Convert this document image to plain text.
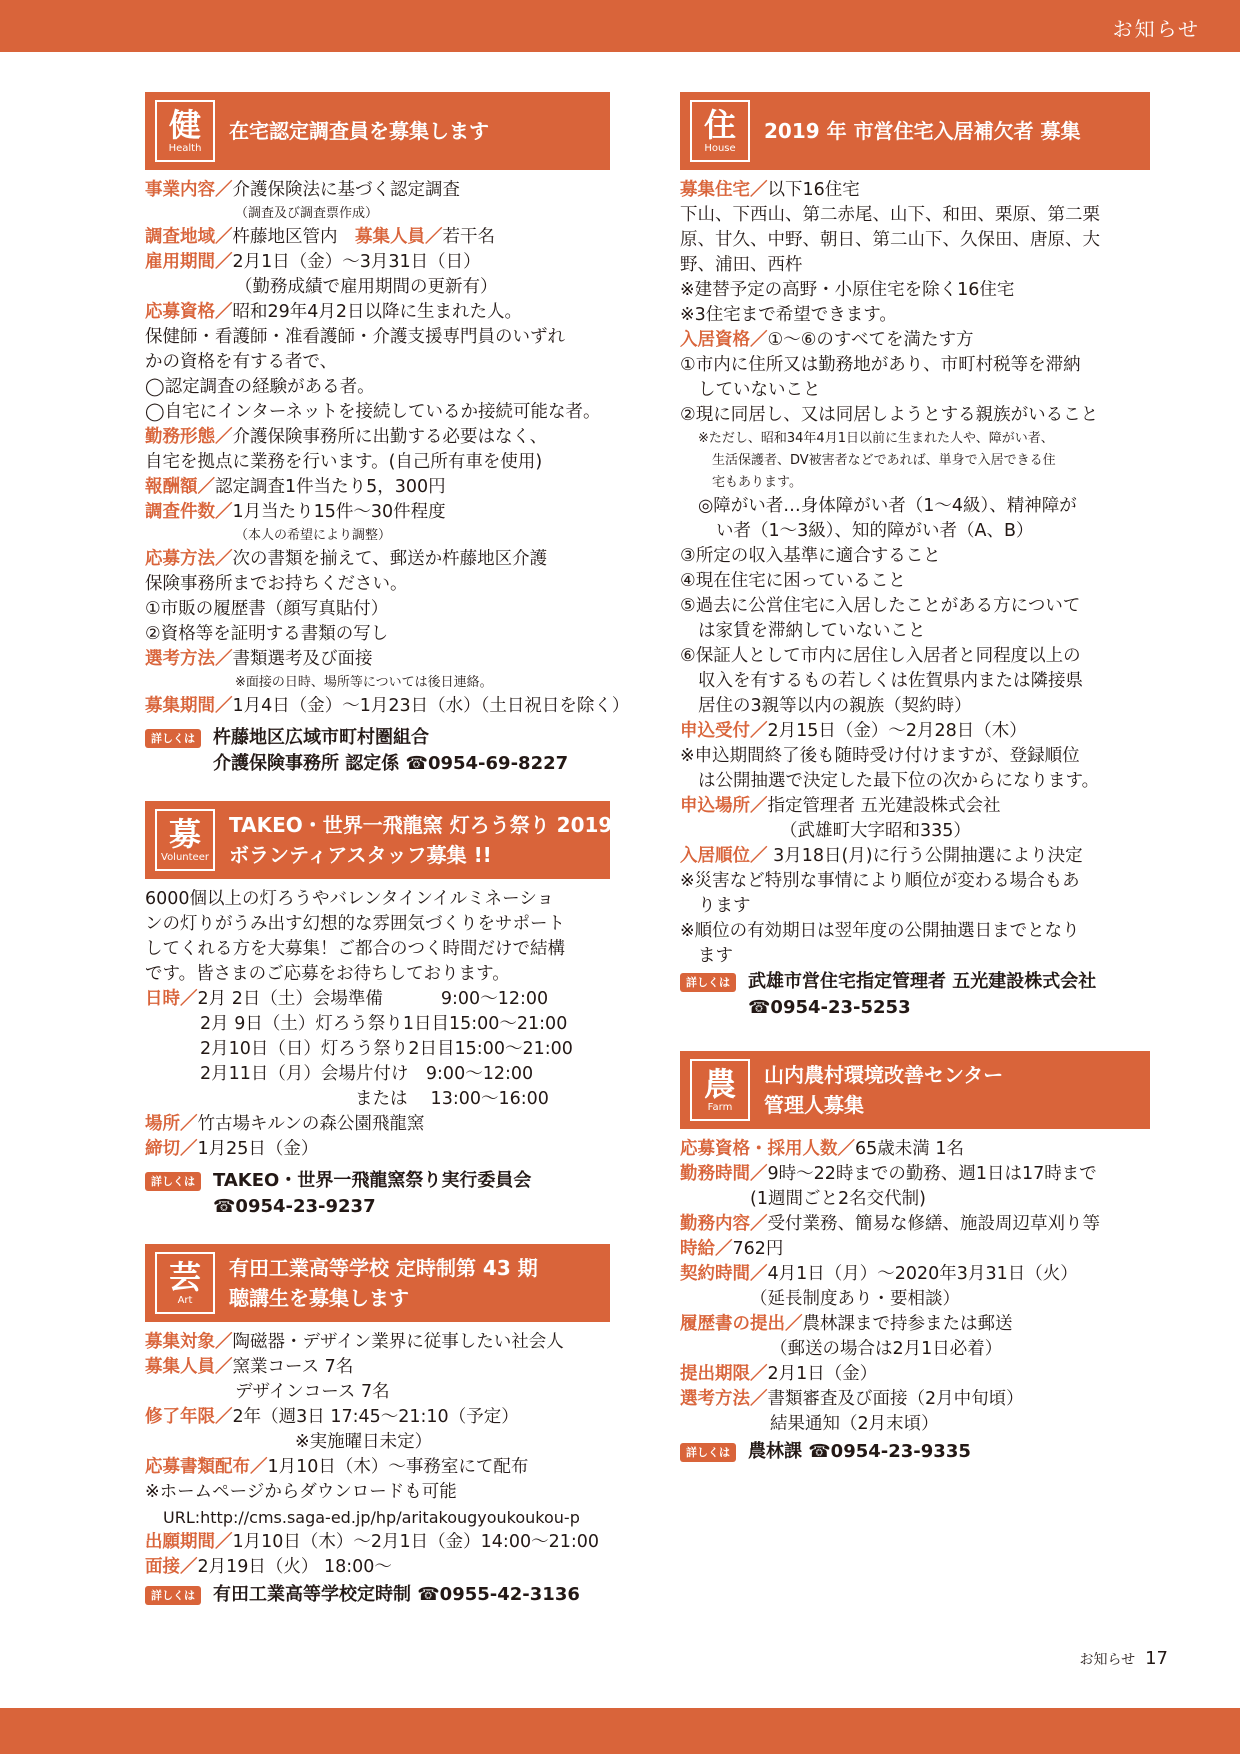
お知らせ
健
Health
在宅認定調査員を募集します
事業内容／介護保険法に基づく認定調査
（調査及び調査票作成）
調査地域／杵藤地区管内　募集人員／若干名
雇用期間／2月1日（金）～3月31日（日）
（勤務成績で雇用期間の更新有）
応募資格／昭和29年4月2日以降に生まれた人。
保健師・看護師・准看護師・介護支援専門員のいずれ
かの資格を有する者で、
◯認定調査の経験がある者。
◯自宅にインターネットを接続しているか接続可能な者。
勤務形態／介護保険事務所に出勤する必要はなく、
自宅を拠点に業務を行います。(自己所有車を使用)
報酬額／認定調査1件当たり5，300円
調査件数／1月当たり15件～30件程度
（本人の希望により調整）
応募方法／次の書類を揃えて、郵送か杵藤地区介護
保険事務所までお持ちください。
①市販の履歴書（顔写真貼付）
②資格等を証明する書類の写し
選考方法／書類選考及び面接
※面接の日時、場所等については後日連絡。
募集期間／1月4日（金）～1月23日（水）（土日祝日を除く）
詳しくは	杵藤地区広域市町村圏組合
介護保険事務所 認定係 ☎0954-69-8227
募
Volunteer
TAKEO・世界一飛龍窯 灯ろう祭り 2019
ボランティアスタッフ募集 !!
6000個以上の灯ろうやバレンタインイルミネーショ
ンの灯りがうみ出す幻想的な雰囲気づくりをサポート
してくれる方を大募集！ご都合のつく時間だけで結構
です。皆さまのご応募をお待ちしております。
日時／2月 2日（土）会場準備　　　 9:00～12:00
2月 9日（土）灯ろう祭り1日目15:00～21:00
2月10日（日）灯ろう祭り2日目15:00～21:00
2月11日（月）会場片付け　9:00～12:00
または　 13:00～16:00
場所／竹古場キルンの森公園飛龍窯
締切／1月25日（金）
詳しくは	TAKEO・世界一飛龍窯祭り実行委員会
☎0954-23-9237
芸
Art
有田工業高等学校 定時制第 43 期
聴講生を募集します
募集対象／陶磁器・デザイン業界に従事したい社会人
募集人員／窯業コース 7名
デザインコース 7名
修了年限／2年（週3日 17:45～21:10（予定）
※実施曜日未定）
応募書類配布／1月10日（木）～事務室にて配布
※ホームページからダウンロードも可能
URL:http://cms.saga-ed.jp/hp/aritakougyoukoukou-p
出願期間／1月10日（木）～2月1日（金）14:00～21:00
面接／2月19日（火） 18:00～
詳しくは	有田工業高等学校定時制 ☎0955-42-3136
住
House
2019 年 市営住宅入居補欠者 募集
募集住宅／以下16住宅
下山、下西山、第二赤尾、山下、和田、栗原、第二栗
原、甘久、中野、朝日、第二山下、久保田、唐原、大
野、浦田、西杵
※建替予定の高野・小原住宅を除く16住宅
※3住宅まで希望できます。
入居資格／①～⑥のすべてを満たす方
①市内に住所又は勤務地があり、市町村税等を滞納
していないこと
②現に同居し、又は同居しようとする親族がいること
※ただし、昭和34年4月1日以前に生まれた人や、障がい者、
生活保護者、DV被害者などであれば、単身で入居できる住
宅もあります。
◎障がい者…身体障がい者（1～4級）、精神障が
い者（1～3級）、知的障がい者（A、B）
③所定の収入基準に適合すること
④現在住宅に困っていること
⑤過去に公営住宅に入居したことがある方について
は家賃を滞納していないこと
⑥保証人として市内に居住し入居者と同程度以上の
収入を有するもの若しくは佐賀県内または隣接県
居住の3親等以内の親族（契約時）
申込受付／2月15日（金）～2月28日（木）
※申込期間終了後も随時受け付けますが、登録順位
は公開抽選で決定した最下位の次からになります。
申込場所／指定管理者 五光建設株式会社
（武雄町大字昭和335）
入居順位／ 3月18日(月)に行う公開抽選により決定
※災害など特別な事情により順位が変わる場合もあ
ります
※順位の有効期日は翌年度の公開抽選日までとなり
ます
詳しくは	武雄市営住宅指定管理者 五光建設株式会社
☎0954-23-5253
農
Farm
山内農村環境改善センター
管理人募集
応募資格・採用人数／65歳未満 1名
勤務時間／9時～22時までの勤務、週1日は17時まで
(1週間ごと2名交代制)
勤務内容／受付業務、簡易な修繕、施設周辺草刈り等
時給／762円
契約時間／4月1日（月）～2020年3月31日（火）
（延長制度あり・要相談）
履歴書の提出／農林課まで持参または郵送
（郵送の場合は2月1日必着）
提出期限／2月1日（金）
選考方法／書類審査及び面接（2月中旬頃）
結果通知（2月末頃）
詳しくは	農林課 ☎0954-23-9335
お知らせ 17
